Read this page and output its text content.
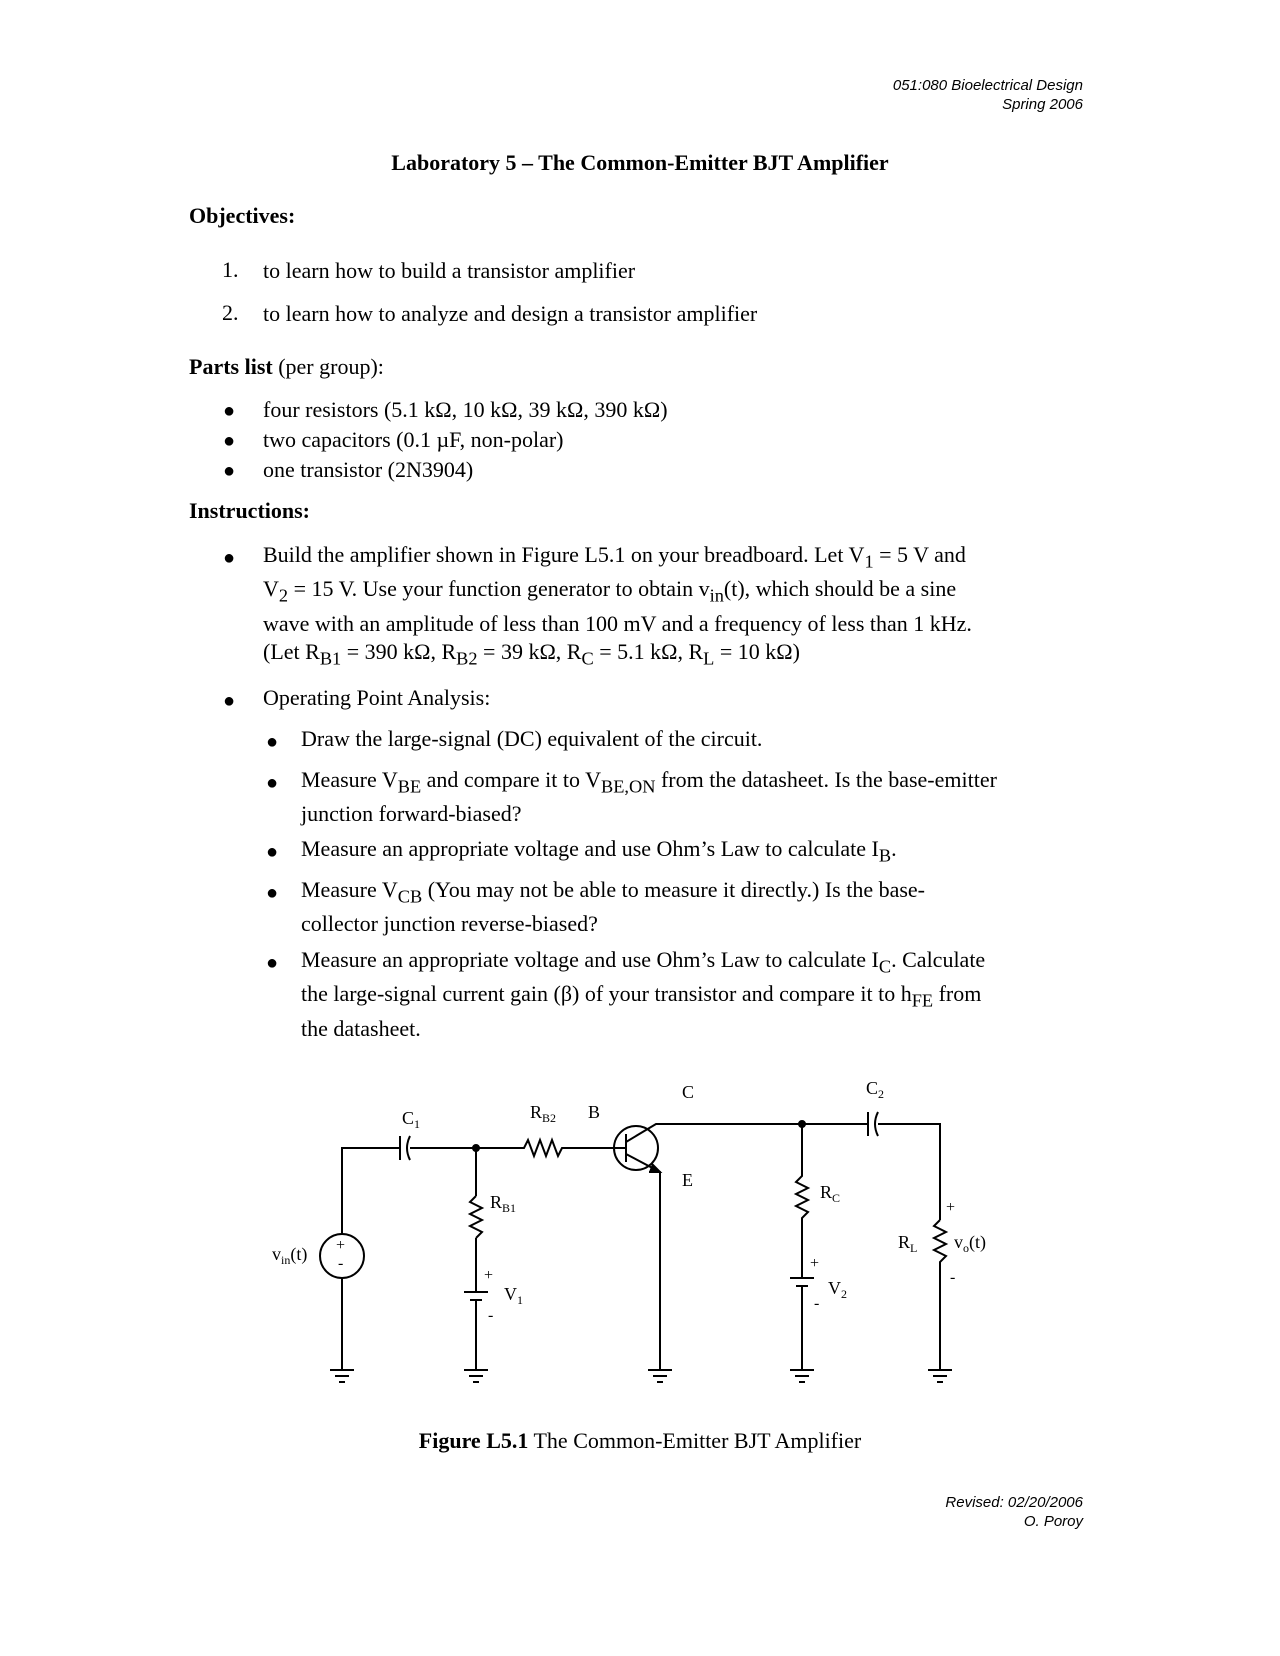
051:080 Bioelectrical Design
Spring 2006
Laboratory 5 – The Common-Emitter BJT Amplifier
Objectives:
1. to learn how to build a transistor amplifier
2. to learn how to analyze and design a transistor amplifier
Parts list (per group):
● four resistors (5.1 kΩ, 10 kΩ, 39 kΩ, 390 kΩ)
● two capacitors (0.1 µF, non-polar)
● one transistor (2N3904)
Instructions:
● Build the amplifier shown in Figure L5.1 on your breadboard. Let $V_1 = 5$ V and
$V_2 = 15$ V. Use your function generator to obtain $v_{in}(t)$, which should be a sine
wave with an amplitude of less than 100 mV and a frequency of less than 1 kHz.
(Let $R_{B1} = 390$ kΩ, $R_{B2} = 39$ kΩ, $R_C = 5.1$ kΩ, $R_L = 10$ kΩ)
● Operating Point Analysis:
● Draw the large-signal (DC) equivalent of the circuit.
● Measure $V_{BE}$ and compare it to $V_{BE,ON}$ from the datasheet. Is the base-emitter
junction forward-biased?
● Measure an appropriate voltage and use Ohm’s Law to calculate $I_B$.
● Measure $V_{CB}$ (You may not be able to measure it directly.) Is the base-
collector junction reverse-biased?
● Measure an appropriate voltage and use Ohm’s Law to calculate $I_C$. Calculate
the large-signal current gain (β) of your transistor and compare it to $h_{FE}$ from
the datasheet.
$C_1$
$C_2$
$R_{B2}$
$R_{B1}$
$R_C$
$R_L$
$V_1$
$V_2$
$v_{in}(t)$
$v_o(t)$
+
-
+
-
+
-
+
-
B
C
E
Figure L5.1 The Common-Emitter BJT Amplifier
Revised: 02/20/2006
O. Poroy
